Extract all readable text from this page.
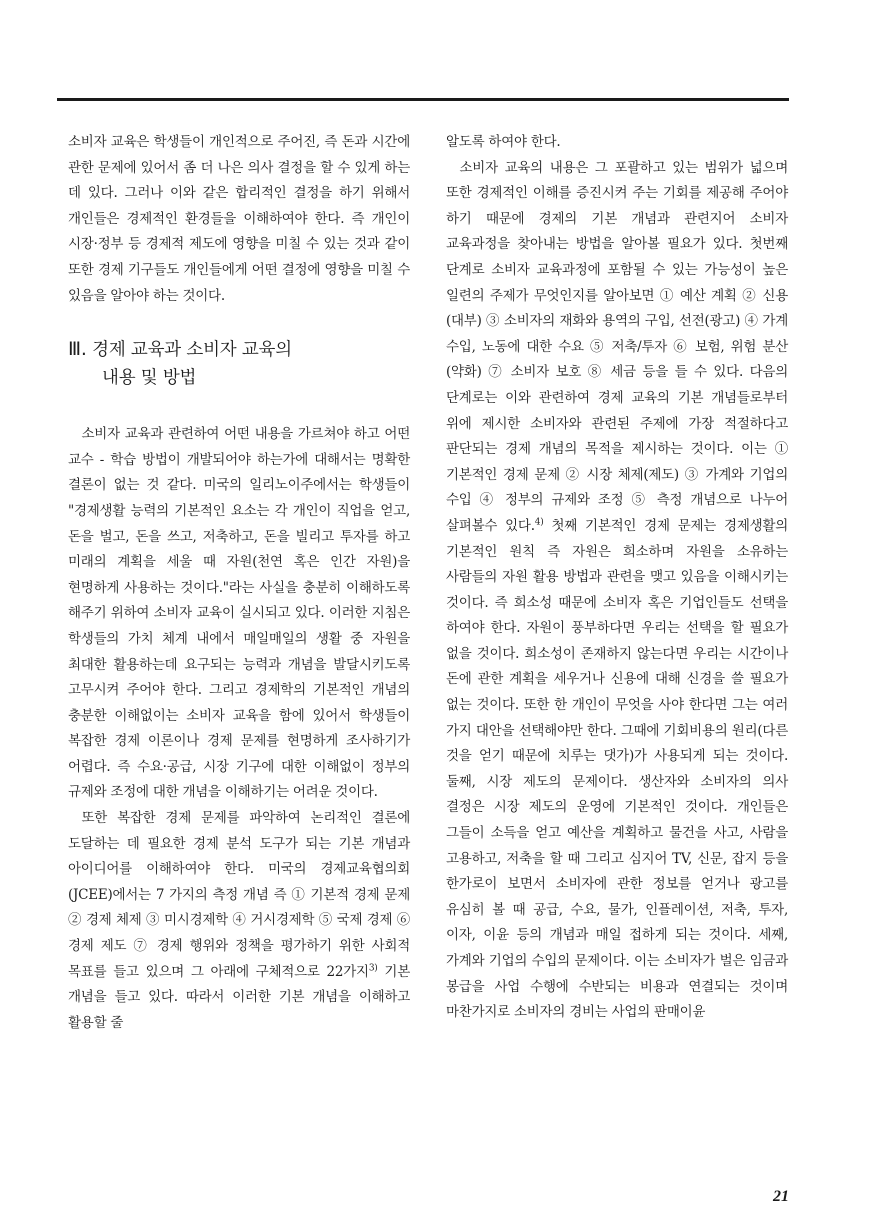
소비자 교육은 학생들이 개인적으로 주어진, 즉 돈과 시간에 관한 문제에 있어서 좀 더 나은 의사 결정을 할 수 있게 하는 데 있다. 그러나 이와 같은 합리적인 결정을 하기 위해서 개인들은 경제적인 환경들을 이해하여야 한다. 즉 개인이 시장·정부 등 경제적 제도에 영향을 미칠 수 있는 것과 같이 또한 경제 기구들도 개인들에게 어떤 결정에 영향을 미칠 수 있음을 알아야 하는 것이다.

Ⅲ. 경제 교육과 소비자 교육의
내용 및 방법

소비자 교육과 관련하여 어떤 내용을 가르쳐야 하고 어떤 교수 - 학습 방법이 개발되어야 하는가에 대해서는 명확한 결론이 없는 것 같다. 미국의 일리노이주에서는 학생들이 "경제생활 능력의 기본적인 요소는 각 개인이 직업을 얻고, 돈을 벌고, 돈을 쓰고, 저축하고, 돈을 빌리고 투자를 하고 미래의 계획을 세울 때 자원(천연 혹은 인간 자원)을 현명하게 사용하는 것이다."라는 사실을 충분히 이해하도록 해주기 위하여 소비자 교육이 실시되고 있다. 이러한 지침은 학생들의 가치 체계 내에서 매일매일의 생활 중 자원을 최대한 활용하는데 요구되는 능력과 개념을 발달시키도록 고무시켜 주어야 한다. 그리고 경제학의 기본적인 개념의 충분한 이해없이는 소비자 교육을 함에 있어서 학생들이 복잡한 경제 이론이나 경제 문제를 현명하게 조사하기가 어렵다. 즉 수요·공급, 시장 기구에 대한 이해없이 정부의 규제와 조정에 대한 개념을 이해하기는 어려운 것이다.

또한 복잡한 경제 문제를 파악하여 논리적인 결론에 도달하는 데 필요한 경제 분석 도구가 되는 기본 개념과 아이디어를 이해하여야 한다. 미국의 경제교육협의회(JCEE)에서는 7 가지의 측정 개념 즉 ① 기본적 경제 문제 ② 경제 체제 ③ 미시경제학 ④ 거시경제학 ⑤ 국제 경제 ⑥ 경제 제도 ⑦ 경제 행위와 정책을 평가하기 위한 사회적 목표를 들고 있으며 그 아래에 구체적으로 22가지$^{3)}$ 기본 개념을 들고 있다. 따라서 이러한 기본 개념을 이해하고 활용할 줄

알도록 하여야 한다.

소비자 교육의 내용은 그 포괄하고 있는 범위가 넓으며 또한 경제적인 이해를 증진시켜 주는 기회를 제공해 주어야 하기 때문에 경제의 기본 개념과 관련지어 소비자 교육과정을 찾아내는 방법을 알아볼 필요가 있다. 첫번째 단계로 소비자 교육과정에 포함될 수 있는 가능성이 높은 일련의 주제가 무엇인지를 알아보면 ① 예산 계획 ② 신용(대부) ③ 소비자의 재화와 용역의 구입, 선전(광고) ④ 가계 수입, 노동에 대한 수요 ⑤ 저축/투자 ⑥ 보험, 위험 분산(약화) ⑦ 소비자 보호 ⑧ 세금 등을 들 수 있다. 다음의 단계로는 이와 관련하여 경제 교육의 기본 개념들로부터 위에 제시한 소비자와 관련된 주제에 가장 적절하다고 판단되는 경제 개념의 목적을 제시하는 것이다. 이는 ① 기본적인 경제 문제 ② 시장 체제(제도) ③ 가계와 기업의 수입 ④ 정부의 규제와 조정 ⑤ 측정 개념으로 나누어 살펴볼수 있다.$^{4)}$ 첫째 기본적인 경제 문제는 경제생활의 기본적인 원칙 즉 자원은 희소하며 자원을 소유하는 사람들의 자원 활용 방법과 관련을 맺고 있음을 이해시키는 것이다. 즉 희소성 때문에 소비자 혹은 기업인들도 선택을 하여야 한다. 자원이 풍부하다면 우리는 선택을 할 필요가 없을 것이다. 희소성이 존재하지 않는다면 우리는 시간이나 돈에 관한 계획을 세우거나 신용에 대해 신경을 쓸 필요가 없는 것이다. 또한 한 개인이 무엇을 사야 한다면 그는 여러 가지 대안을 선택해야만 한다. 그때에 기회비용의 원리(다른 것을 얻기 때문에 치루는 댓가)가 사용되게 되는 것이다. 둘째, 시장 제도의 문제이다. 생산자와 소비자의 의사 결정은 시장 제도의 운영에 기본적인 것이다. 개인들은 그들이 소득을 얻고 예산을 계획하고 물건을 사고, 사람을 고용하고, 저축을 할 때 그리고 심지어 TV, 신문, 잡지 등을 한가로이 보면서 소비자에 관한 정보를 얻거나 광고를 유심히 볼 때 공급, 수요, 물가, 인플레이션, 저축, 투자, 이자, 이윤 등의 개념과 매일 접하게 되는 것이다. 세째, 가계와 기업의 수입의 문제이다. 이는 소비자가 벌은 임금과 봉급을 사업 수행에 수반되는 비용과 연결되는 것이며 마찬가지로 소비자의 경비는 사업의 판매이윤

21
